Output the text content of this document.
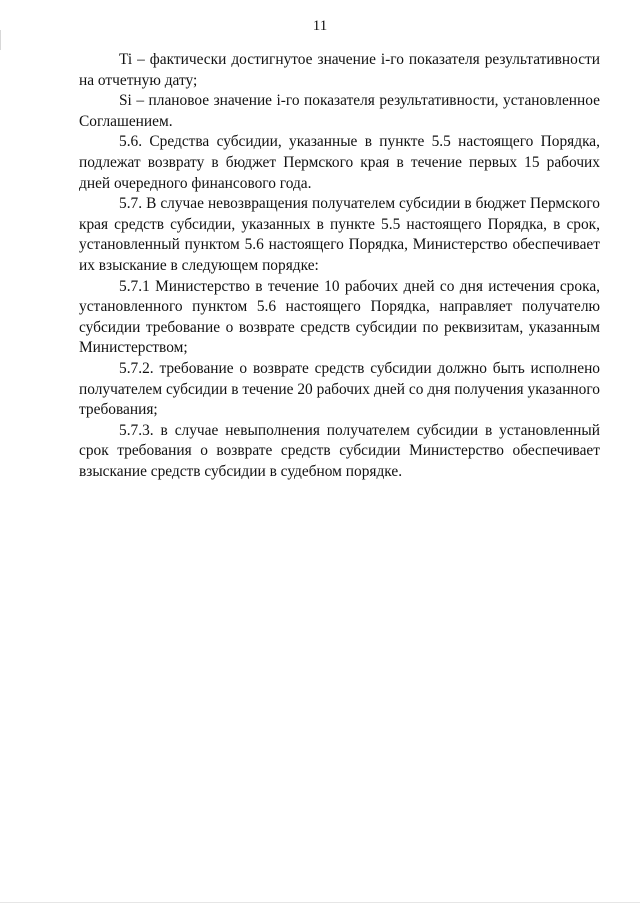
11

Ti – фактически достигнутое значение i-го показателя результативности на отчетную дату;

Si – плановое значение i-го показателя результативности, установленное Соглашением.

5.6. Средства субсидии, указанные в пункте 5.5 настоящего Порядка, подлежат возврату в бюджет Пермского края в течение первых 15 рабочих дней очередного финансового года.

5.7. В случае невозвращения получателем субсидии в бюджет Пермского края средств субсидии, указанных в пункте 5.5 настоящего Порядка, в срок, установленный пунктом 5.6 настоящего Порядка, Министерство обеспечивает их взыскание в следующем порядке:

5.7.1 Министерство в течение 10 рабочих дней со дня истечения срока, установленного пунктом 5.6 настоящего Порядка, направляет получателю субсидии требование о возврате средств субсидии по реквизитам, указанным Министерством;

5.7.2. требование о возврате средств субсидии должно быть исполнено получателем субсидии в течение 20 рабочих дней со дня получения указанного требования;

5.7.3. в случае невыполнения получателем субсидии в установленный срок требования о возврате средств субсидии Министерство обеспечивает взыскание средств субсидии в судебном порядке.
